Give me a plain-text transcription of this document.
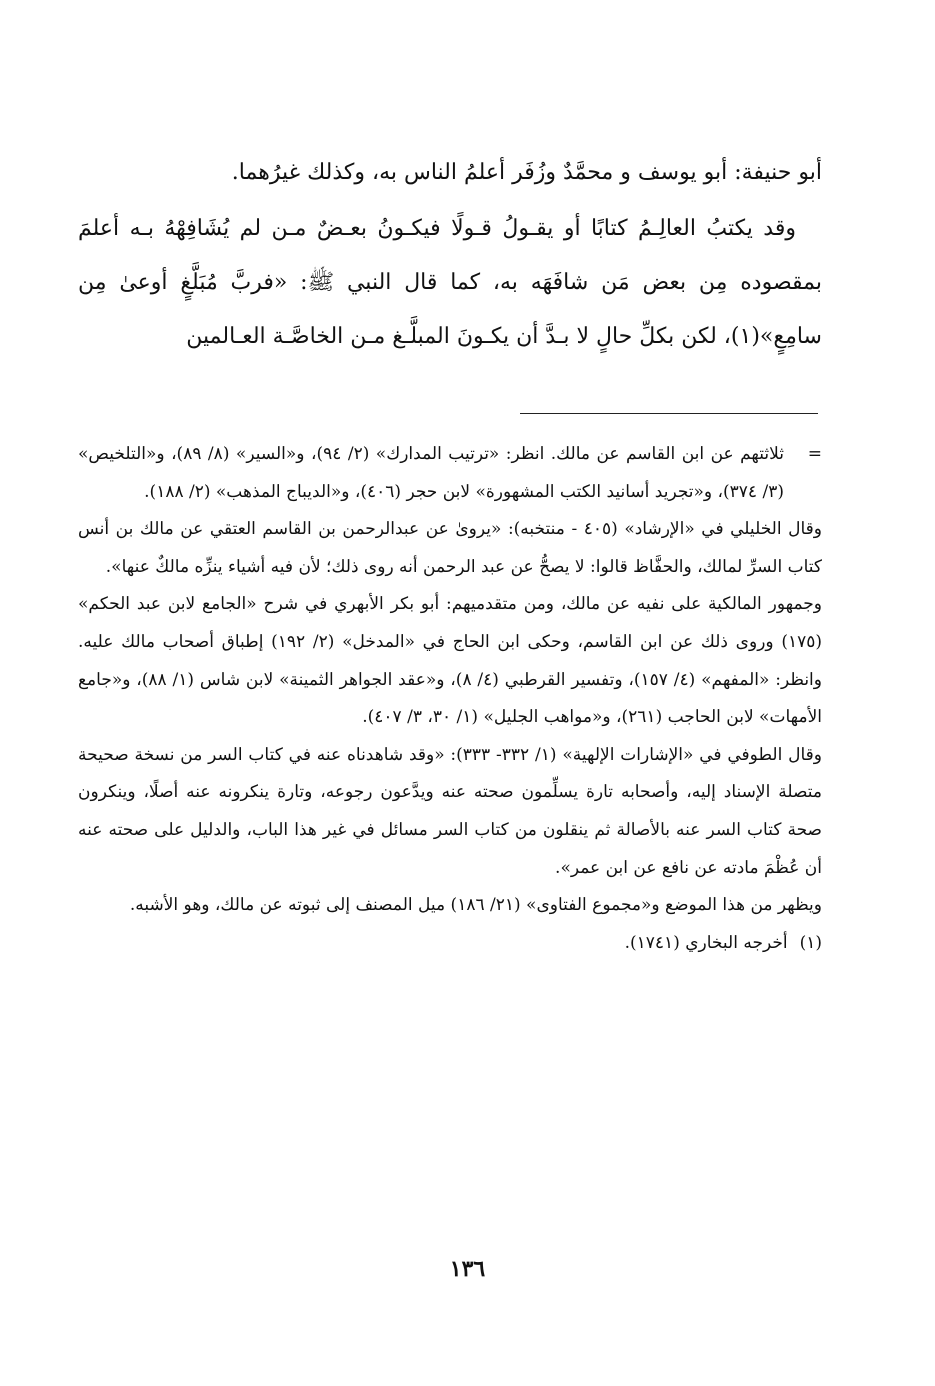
أبو حنيفة: أبو يوسف و محمَّدٌ وزُفَر أعلمُ الناس به، وكذلك غيرُهما.

وقد يكتبُ العالِـمُ كتابًا أو يقـولُ قـولًا فيكـونُ بعـضٌ مـن لم يُشَافِهْهُ بـه أعلمَ بمقصوده مِن بعض مَن شافَهَه به، كما قال النبي ﷺ: «فربَّ مُبَلَّغٍ أوعىٰ مِن سامِعٍ»(١)، لكن بكلِّ حالٍ لا بـدَّ أن يكـونَ المبلَّـغ مـن الخاصَّـة العـالمين

=
ثلاثتهم عن ابن القاسم عن مالك. انظر: «ترتيب المدارك» (٢/ ٩٤)، و«السير» (٨/ ٨٩)، و«التلخيص» (٣/ ٣٧٤)، و«تجريد أسانيد الكتب المشهورة» لابن حجر (٤٠٦)، و«الديباج المذهب» (٢/ ١٨٨).

وقال الخليلي في «الإرشاد» (٤٠٥ - منتخبه): «يروىٰ عن عبدالرحمن بن القاسم العتقي عن مالك بن أنس كتاب السرِّ لمالك، والحفَّاظ قالوا: لا يصحُّ عن عبد الرحمن أنه روى ذلك؛ لأن فيه أشياء ينزِّه مالكٌ عنها».

وجمهور المالكية على نفيه عن مالك، ومن متقدميهم: أبو بكر الأبهري في شرح «الجامع لابن عبد الحكم» (١٧٥) وروى ذلك عن ابن القاسم، وحكى ابن الحاج في «المدخل» (٢/ ١٩٢) إطباق أصحاب مالك عليه. وانظر: «المفهم» (٤/ ١٥٧)، وتفسير القرطبي (٤/ ٨)، و«عقد الجواهر الثمينة» لابن شاس (١/ ٨٨)، و«جامع الأمهات» لابن الحاجب (٢٦١)، و«مواهب الجليل» (١/ ٣٠، ٣/ ٤٠٧).

وقال الطوفي في «الإشارات الإلهية» (١/ ٣٣٢- ٣٣٣): «وقد شاهدناه عنه في كتاب السر من نسخة صحيحة متصلة الإسناد إليه، وأصحابه تارة يسلِّمون صحته عنه ويدَّعون رجوعه، وتارة ينكرونه عنه أصلًا، وينكرون صحة كتاب السر عنه بالأصالة ثم ينقلون من كتاب السر مسائل في غير هذا الباب، والدليل على صحته عنه أن عُظْمَ مادته عن نافع عن ابن عمر».

ويظهر من هذا الموضع و«مجموع الفتاوى» (٢١/ ١٨٦) ميل المصنف إلى ثبوته عن مالك، وهو الأشبه.

(١)أخرجه البخاري (١٧٤١).

١٣٦
